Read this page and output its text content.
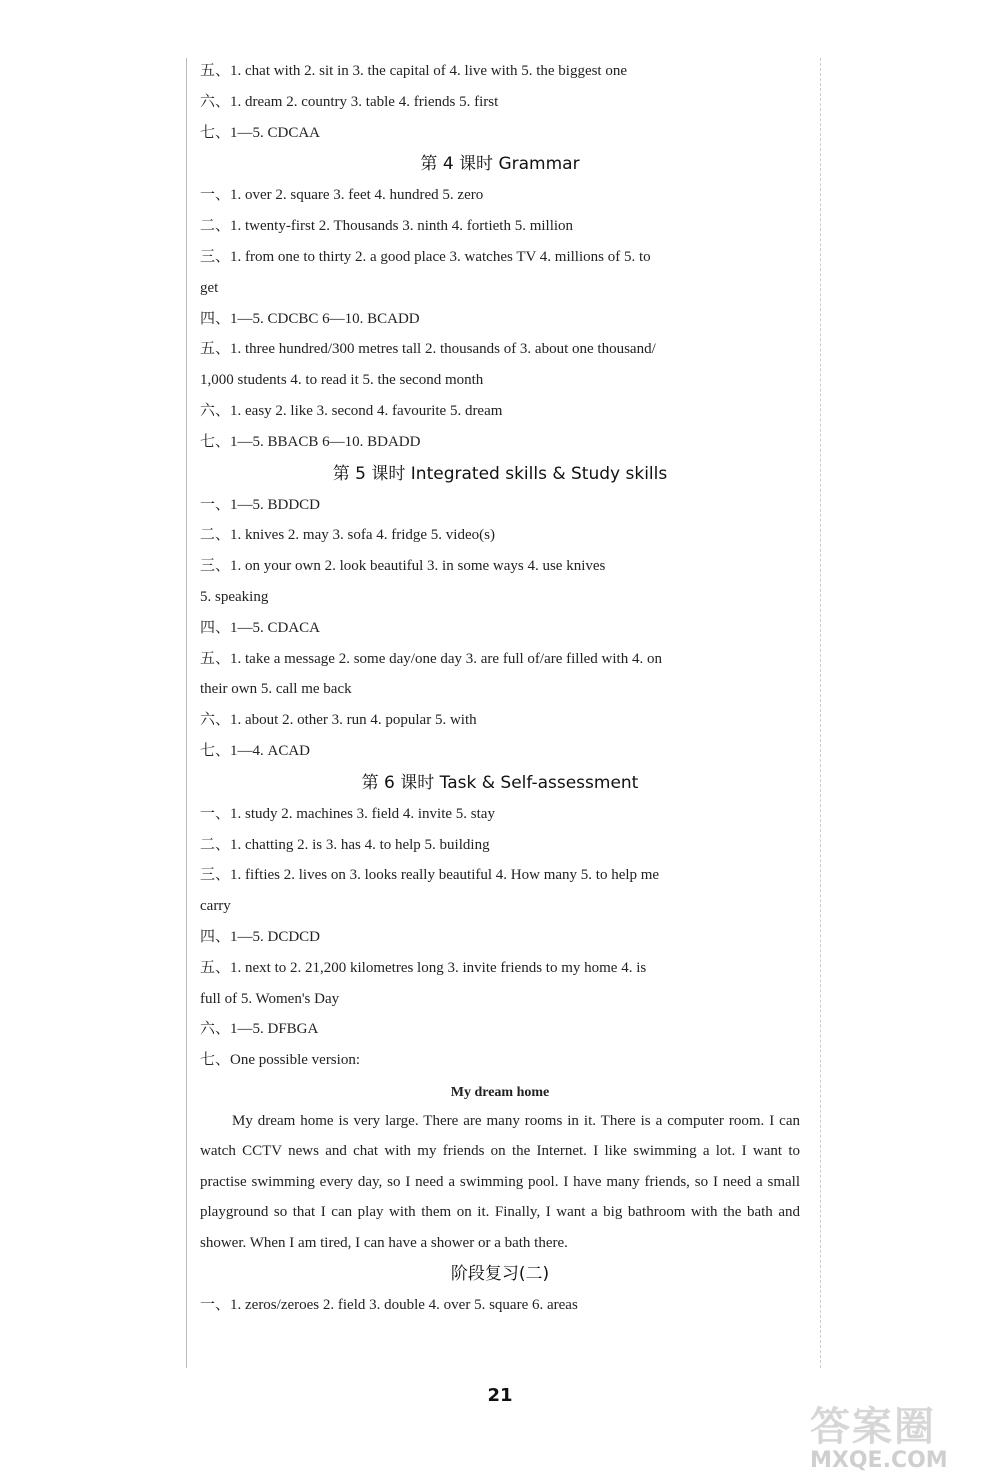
五、1. chat with 2. sit in 3. the capital of 4. live with 5. the biggest one
六、1. dream 2. country 3. table 4. friends 5. first
七、1—5. CDCAA
第 4 课时 Grammar
一、1. over 2. square 3. feet 4. hundred 5. zero
二、1. twenty-first 2. Thousands 3. ninth 4. fortieth 5. million
三、1. from one to thirty 2. a good place 3. watches TV 4. millions of 5. to
get
四、1—5. CDCBC 6—10. BCADD
五、1. three hundred/300 metres tall 2. thousands of 3. about one thousand/
1,000 students 4. to read it 5. the second month
六、1. easy 2. like 3. second 4. favourite 5. dream
七、1—5. BBACB 6—10. BDADD
第 5 课时 Integrated skills & Study skills
一、1—5. BDDCD
二、1. knives 2. may 3. sofa 4. fridge 5. video(s)
三、1. on your own 2. look beautiful 3. in some ways 4. use knives
5. speaking
四、1—5. CDACA
五、1. take a message 2. some day/one day 3. are full of/are filled with 4. on
their own 5. call me back
六、1. about 2. other 3. run 4. popular 5. with
七、1—4. ACAD
第 6 课时 Task & Self-assessment
一、1. study 2. machines 3. field 4. invite 5. stay
二、1. chatting 2. is 3. has 4. to help 5. building
三、1. fifties 2. lives on 3. looks really beautiful 4. How many 5. to help me
carry
四、1—5. DCDCD
五、1. next to 2. 21,200 kilometres long 3. invite friends to my home 4. is
full of 5. Women's Day
六、1—5. DFBGA
七、One possible version:
My dream home

My dream home is very large. There are many rooms in it. There is a computer room. I can watch CCTV news and chat with my friends on the Internet. I like swimming a lot. I want to practise swimming every day, so I need a swimming pool. I have many friends, so I need a small playground so that I can play with them on it. Finally, I want a big bathroom with the bath and shower. When I am tired, I can have a shower or a bath there.

阶段复习(二)
一、1. zeros/zeroes 2. field 3. double 4. over 5. square 6. areas
21
答案圈
MXQE.COM
